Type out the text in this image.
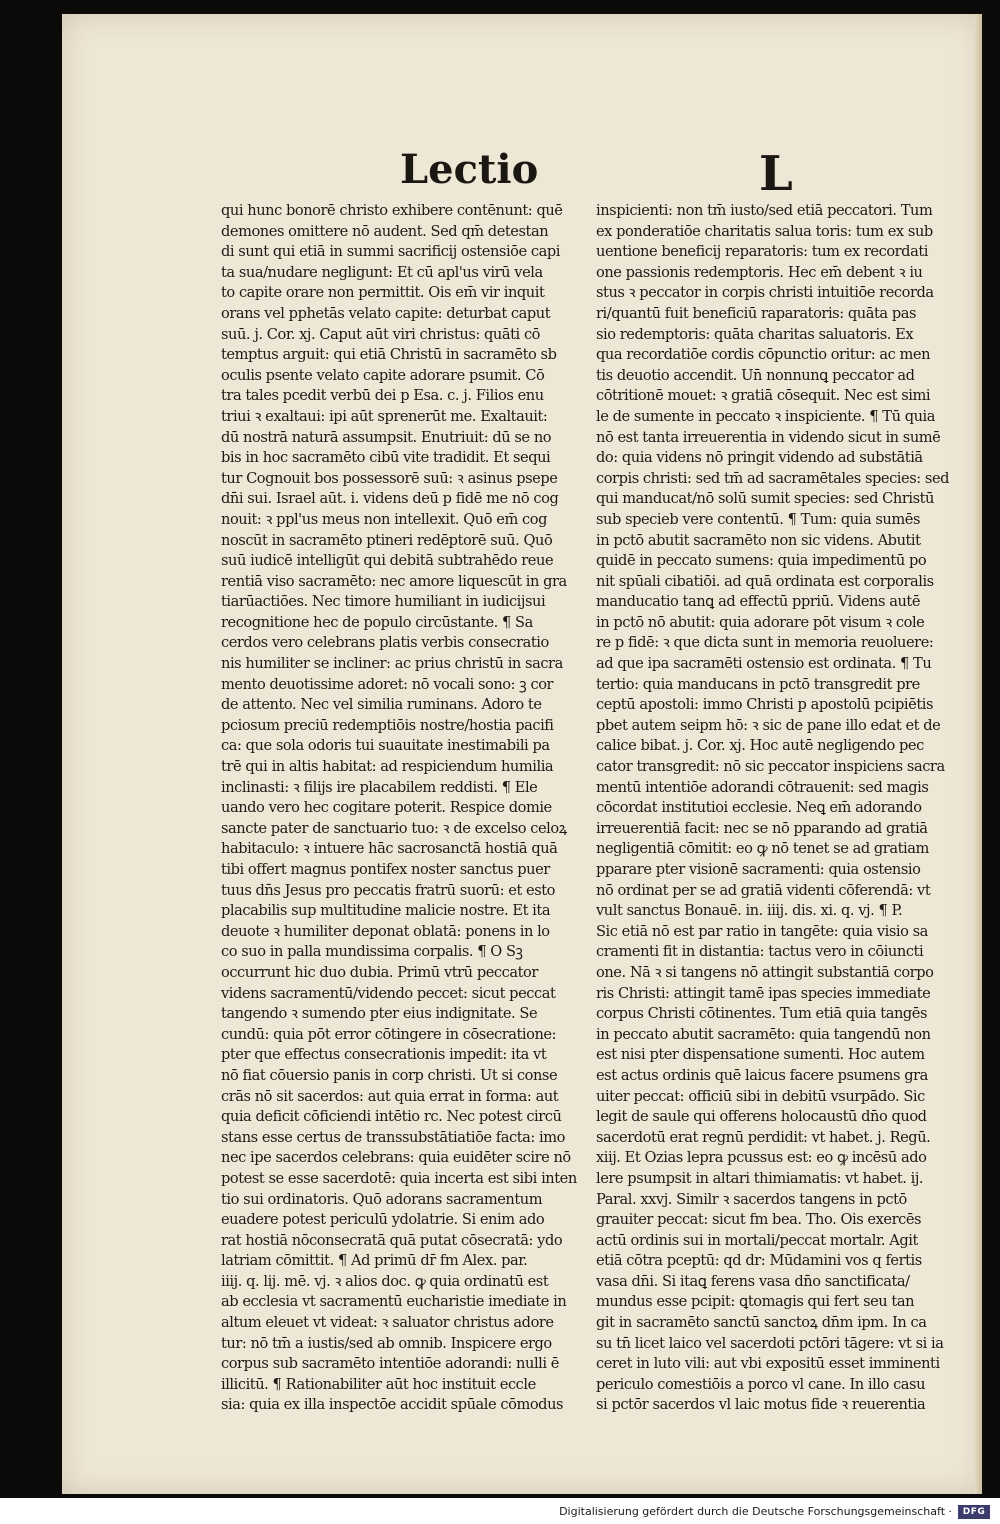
Lectio	L
qui hunc bonorē christo exhibere contēnunt: quē
demones omittere nō audent. Sed qm̄ detestan
di sunt qui etiā in summi sacrificij ostensiōe capi
ta sua/nudare negligunt: Et cū apl'us virū vela
to capite orare non permittit. Ois em̄ vir inquit
orans vel pphetās velato capite: deturbat caput
suū. j. Cor. xj. Caput aūt viri christus: quāti cō
temptus arguit: qui etiā Christū in sacramēto sb
oculis psente velato capite adorare psumit. Cō
tra tales pcedit verbū dei p Esa. c. j. Filios enu
triui ꝛ exaltaui: ipi aūt sprenerūt me. Exaltauit:
dū nostrā naturā assumpsit. Enutriuit: dū se no
bis in hoc sacramēto cibū vite tradidit. Et sequi
tur Cognouit bos possessorē suū: ꝛ asinus psepe
dn̄i sui. Israel aūt. i. videns deū p fidē me nō cog
nouit: ꝛ ppl'us meus non intellexit. Quō em̄ cog
noscūt in sacramēto ptineri redēptorē suū. Quō
suū iudicē intelligūt qui debitā subtrahēdo reue
rentiā viso sacramēto: nec amore liquescūt in gra
tiarūactiōes. Nec timore humiliant in iudicijsui
recognitione hec de populo circūstante. ¶ Sa
cerdos vero celebrans platis verbis consecratio
nis humiliter se incliner: ac prius christū in sacra
mento deuotissime adoret: nō vocali sono: ꝫ cor
de attento. Nec vel similia ruminans. Adoro te
pciosum preciū redemptiōis nostre/hostia pacifi
ca: que sola odoris tui suauitate inestimabili pa
trē qui in altis habitat: ad respiciendum humilia
inclinasti: ꝛ filijs ire placabilem reddisti. ¶ Ele
uando vero hec cogitare poterit. Respice domie
sancte pater de sanctuario tuo: ꝛ de excelso celoꝝ
habitaculo: ꝛ intuere hāc sacrosanctā hostiā quā
tibi offert magnus pontifex noster sanctus puer
tuus dn̄s Jesus pro peccatis fratrū suorū: et esto
placabilis sup multitudine malicie nostre. Et ita
deuote ꝛ humiliter deponat oblatā: ponens in lo
co suo in palla mundissima corpalis. ¶ O Sꝫ
occurrunt hic duo dubia. Primū vtrū peccator
videns sacramentū/videndo peccet: sicut peccat
tangendo ꝛ sumendo pter eius indignitate. Se
cundū: quia pōt error cōtingere in cōsecratione:
pter que effectus consecrationis impedit: ita vt
nō fiat cōuersio panis in corp christi. Ut si conse
crās nō sit sacerdos: aut quia errat in forma: aut
quia deficit cōficiendi intētio rc. Nec potest circū
stans esse certus de transsubstātiatiōe facta: imo
nec ipe sacerdos celebrans: quia euidēter scire nō
potest se esse sacerdotē: quia incerta est sibi inten
tio sui ordinatoris. Quō adorans sacramentum
euadere potest periculū ydolatrie. Si enim ado
rat hostiā nōconsecratā quā putat cōsecratā: ydo
latriam cōmittit. ¶ Ad primū dr̄ fm Alex. par.
iiij. q. lij. mē. vj. ꝛ alios doc. ꝙ quia ordinatū est
ab ecclesia vt sacramentū eucharistie imediate in
altum eleuet vt videat: ꝛ saluator christus adore
tur: nō tm̄ a iustis/sed ab omnib. Inspicere ergo
corpus sub sacramēto intentiōe adorandi: nulli ē
illicitū. ¶ Rationabiliter aūt hoc instituit eccle
sia: quia ex illa inspectōe accidit spūale cōmodus
inspicienti: non tm̄ iusto/sed etiā peccatori. Tum
ex ponderatiōe charitatis salua toris: tum ex sub
uentione beneficij reparatoris: tum ex recordati
one passionis redemptoris. Hec em̄ debent ꝛ iu
stus ꝛ peccator in corpis christi intuitiōe recorda
ri/quantū fuit beneficiū raparatoris: quāta pas
sio redemptoris: quāta charitas saluatoris. Ex
qua recordatiōe cordis cōpunctio oritur: ac men
tis deuotio accendit. Un̄ nonnunꝗ peccator ad
cōtritionē mouet: ꝛ gratiā cōsequit. Nec est simi
le de sumente in peccato ꝛ inspiciente. ¶ Tū quia
nō est tanta irreuerentia in videndo sicut in sumē
do: quia videns nō pringit videndo ad substātiā
corpis christi: sed tm̄ ad sacramētales species: sed
qui manducat/nō solū sumit species: sed Christū
sub specieb vere contentū. ¶ Tum: quia sumēs
in pctō abutit sacramēto non sic videns. Abutit
quidē in peccato sumens: quia impedimentū po
nit spūali cibatiōi. ad quā ordinata est corporalis
manducatio tanꝗ ad effectū ppriū. Videns autē
in pctō nō abutit: quia adorare pōt visum ꝛ cole
re p fidē: ꝛ que dicta sunt in memoria reuoluere:
ad que ipa sacramēti ostensio est ordinata. ¶ Tu
tertio: quia manducans in pctō transgredit pre
ceptū apostoli: immo Christi p apostolū pcipiētis
pbet autem seipm hō: ꝛ sic de pane illo edat et de
calice bibat. j. Cor. xj. Hoc autē negligendo pec
cator transgredit: nō sic peccator inspiciens sacra
mentū intentiōe adorandi cōtrauenit: sed magis
cōcordat institutioi ecclesie. Neꝗ em̄ adorando
irreuerentiā facit: nec se nō pparando ad gratiā
negligentiā cōmitit: eo ꝙ nō tenet se ad gratiam
pparare pter visionē sacramenti: quia ostensio
nō ordinat per se ad gratiā videnti cōferendā: vt
vult sanctus Bonauē. in. iiij. dis. xi. q. vj. ¶ P.
Sic etiā nō est par ratio in tangēte: quia visio sa
cramenti fit in distantia: tactus vero in cōiuncti
one. Nā ꝛ si tangens nō attingit substantiā corpo
ris Christi: attingit tamē ipas species immediate
corpus Christi cōtinentes. Tum etiā quia tangēs
in peccato abutit sacramēto: quia tangendū non
est nisi pter dispensatione sumenti. Hoc autem
est actus ordinis quē laicus facere psumens gra
uiter peccat: officiū sibi in debitū vsurpādo. Sic
legit de saule qui offerens holocaustū dn̄o quod
sacerdotū erat regnū perdidit: vt habet. j. Regū.
xiij. Et Ozias lepra pcussus est: eo ꝙ incēsū ado
lere psumpsit in altari thimiamatis: vt habet. ij.
Paral. xxvj. Similr ꝛ sacerdos tangens in pctō
grauiter peccat: sicut fm bea. Tho. Ois exercēs
actū ordinis sui in mortali/peccat mortalr. Agit
etiā cōtra pceptū: qd dr: Mūdamini vos q fertis
vasa dn̄i. Si itaꝗ ferens vasa dn̄o sanctificata/
mundus esse pcipit: ꝗtomagis qui fert seu tan
git in sacramēto sanctū sanctoꝝ dn̄m ipm. In ca
su tn̄ licet laico vel sacerdoti pctōri tāgere: vt si ia
ceret in luto vili: aut vbi expositū esset imminenti
periculo comestiōis a porco vl cane. In illo casu
si pctōr sacerdos vl laic motus fide ꝛ reuerentia
Digitalisierung gefördert durch die Deutsche Forschungsgemeinschaft ·	DFG
